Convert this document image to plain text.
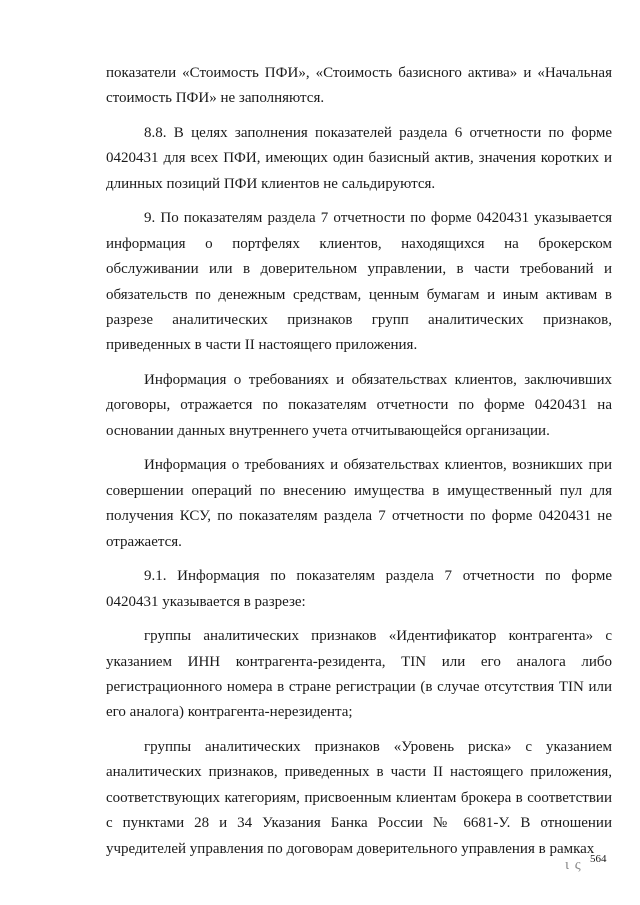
показатели «Стоимость ПФИ», «Стоимость базисного актива» и «Начальная стоимость ПФИ» не заполняются.

8.8. В целях заполнения показателей раздела 6 отчетности по форме 0420431 для всех ПФИ, имеющих один базисный актив, значения коротких и длинных позиций ПФИ клиентов не сальдируются.

9. По показателям раздела 7 отчетности по форме 0420431 указывается информация о портфелях клиентов, находящихся на брокерском обслуживании или в доверительном управлении, в части требований и обязательств по денежным средствам, ценным бумагам и иным активам в разрезе аналитических признаков групп аналитических признаков, приведенных в части II настоящего приложения.

Информация о требованиях и обязательствах клиентов, заключивших договоры, отражается по показателям отчетности по форме 0420431 на основании данных внутреннего учета отчитывающейся организации.

Информация о требованиях и обязательствах клиентов, возникших при совершении операций по внесению имущества в имущественный пул для получения КСУ, по показателям раздела 7 отчетности по форме 0420431 не отражается.

9.1. Информация по показателям раздела 7 отчетности по форме 0420431 указывается в разрезе:

группы аналитических признаков «Идентификатор контрагента» с указанием ИНН контрагента-резидента, TIN или его аналога либо регистрационного номера в стране регистрации (в случае отсутствия TIN или его аналога) контрагента-нерезидента;

группы аналитических признаков «Уровень риска» с указанием аналитических признаков, приведенных в части II настоящего приложения, соответствующих категориям, присвоенным клиентам брокера в соответствии с пунктами 28 и 34 Указания Банка России № 6681-У. В отношении учредителей управления по договорам доверительного управления в рамках

ι ς 564
